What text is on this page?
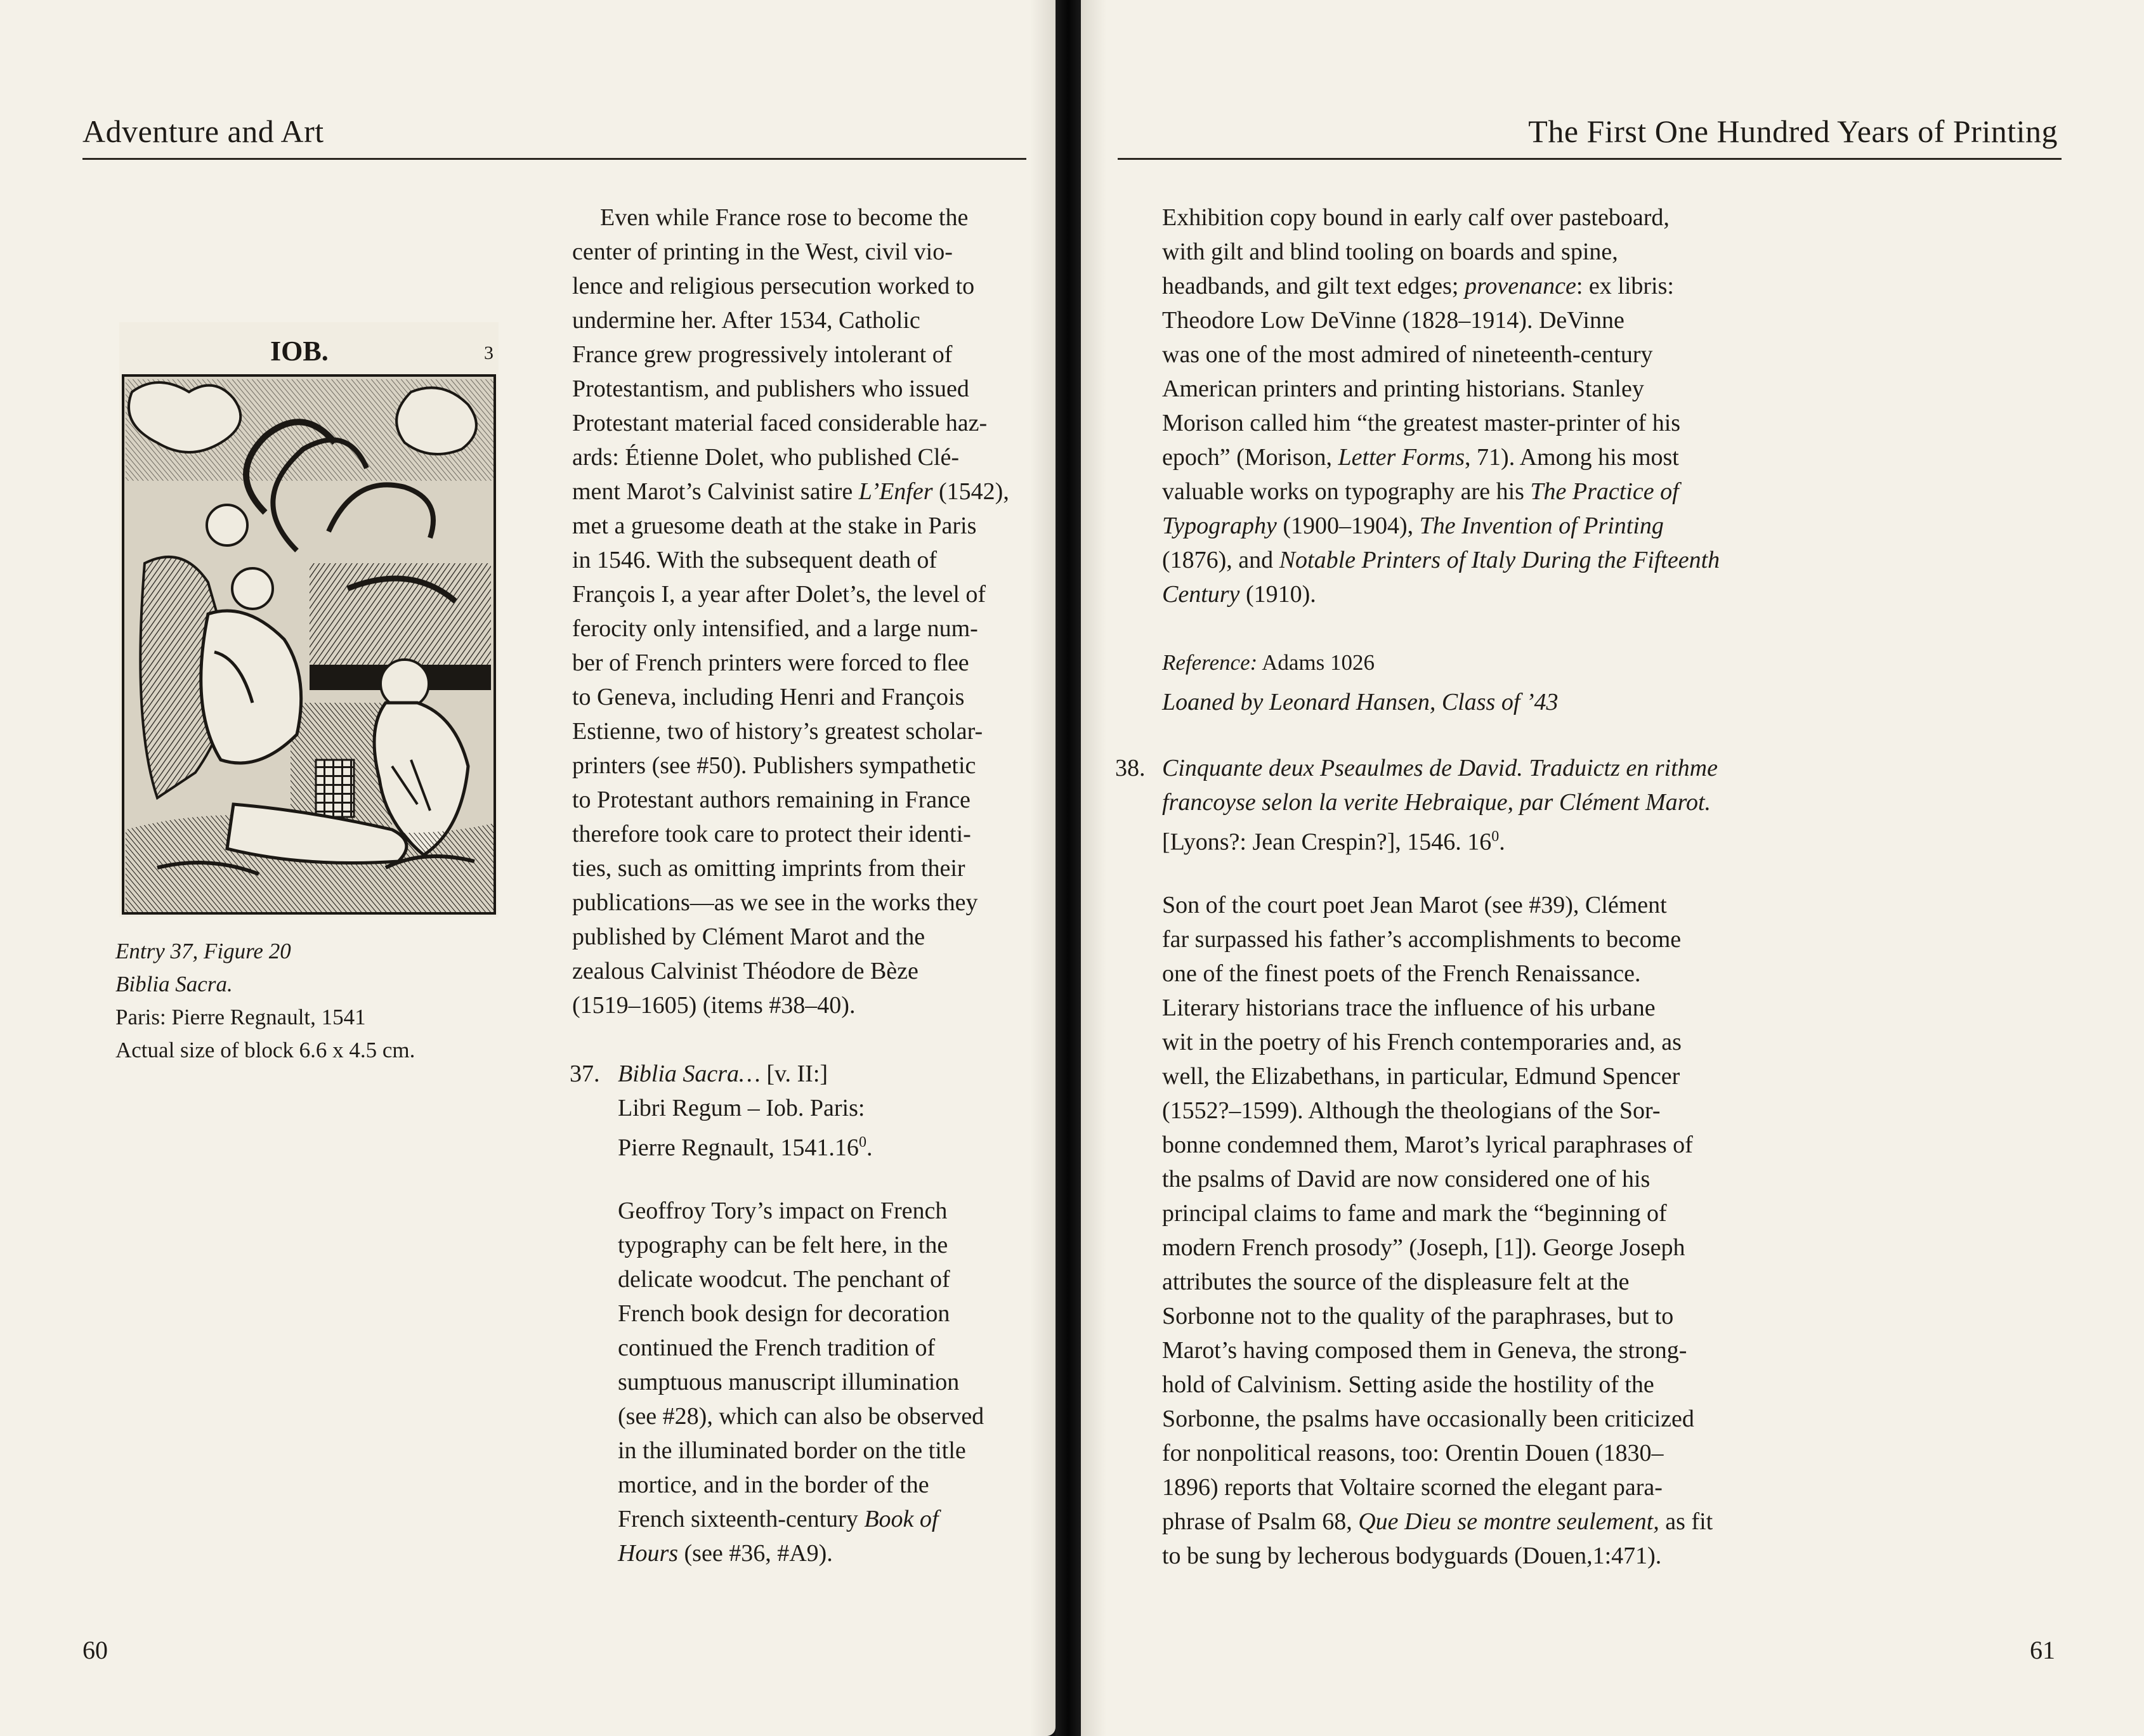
Adventure and Art
IOB.	3
Entry 37, Figure 20
Biblia Sacra.
Paris: Pierre Regnault, 1541
Actual size of block 6.6 x 4.5 cm.
Even while France rose to become the
center of printing in the West, civil vio-
lence and religious persecution worked to
undermine her. After 1534, Catholic
France grew progressively intolerant of
Protestantism, and publishers who issued
Protestant material faced considerable haz-
ards: Étienne Dolet, who published Clé-
ment Marot’s Calvinist satire L’Enfer (1542),
met a gruesome death at the stake in Paris
in 1546. With the subsequent death of
François I, a year after Dolet’s, the level of
ferocity only intensified, and a large num-
ber of French printers were forced to flee
to Geneva, including Henri and François
Estienne, two of history’s greatest scholar-
printers (see #50). Publishers sympathetic
to Protestant authors remaining in France
therefore took care to protect their identi-
ties, such as omitting imprints from their
publications—as we see in the works they
published by Clément Marot and the
zealous Calvinist Théodore de Bèze
(1519–1605) (items #38–40).
37. Biblia Sacra… [v. II:]
Libri Regum – Iob. Paris:
Pierre Regnault, 1541.16$^0$.

Geoffroy Tory’s impact on French
typography can be felt here, in the
delicate woodcut. The penchant of
French book design for decoration
continued the French tradition of
sumptuous manuscript illumination
(see #28), which can also be observed
in the illuminated border on the title
mortice, and in the border of the
French sixteenth-century Book of
Hours (see #36, #A9).

60
The First One Hundred Years of Printing

Exhibition copy bound in early calf over pasteboard,
with gilt and blind tooling on boards and spine,
headbands, and gilt text edges; provenance: ex libris:
Theodore Low DeVinne (1828–1914). DeVinne
was one of the most admired of nineteenth-century
American printers and printing historians. Stanley
Morison called him “the greatest master-printer of his
epoch” (Morison, Letter Forms, 71). Among his most
valuable works on typography are his The Practice of
Typography (1900–1904), The Invention of Printing
(1876), and Notable Printers of Italy During the Fifteenth
Century (1910).

Reference: Adams 1026
Loaned by Leonard Hansen, Class of ’43
38. Cinquante deux Pseaulmes de David. Traduictz en rithme
francoyse selon la verite Hebraique, par Clément Marot.
[Lyons?: Jean Crespin?], 1546. $16^0$.

Son of the court poet Jean Marot (see #39), Clément
far surpassed his father’s accomplishments to become
one of the finest poets of the French Renaissance.
Literary historians trace the influence of his urbane
wit in the poetry of his French contemporaries and, as
well, the Elizabethans, in particular, Edmund Spencer
(1552?–1599). Although the theologians of the Sor-
bonne condemned them, Marot’s lyrical paraphrases of
the psalms of David are now considered one of his
principal claims to fame and mark the “beginning of
modern French prosody” (Joseph, [1]). George Joseph
attributes the source of the displeasure felt at the
Sorbonne not to the quality of the paraphrases, but to
Marot’s having composed them in Geneva, the strong-
hold of Calvinism. Setting aside the hostility of the
Sorbonne, the psalms have occasionally been criticized
for nonpolitical reasons, too: Orentin Douen (1830–
1896) reports that Voltaire scorned the elegant para-
phrase of Psalm 68, Que Dieu se montre seulement, as fit
to be sung by lecherous bodyguards (Douen,1:471).

61
